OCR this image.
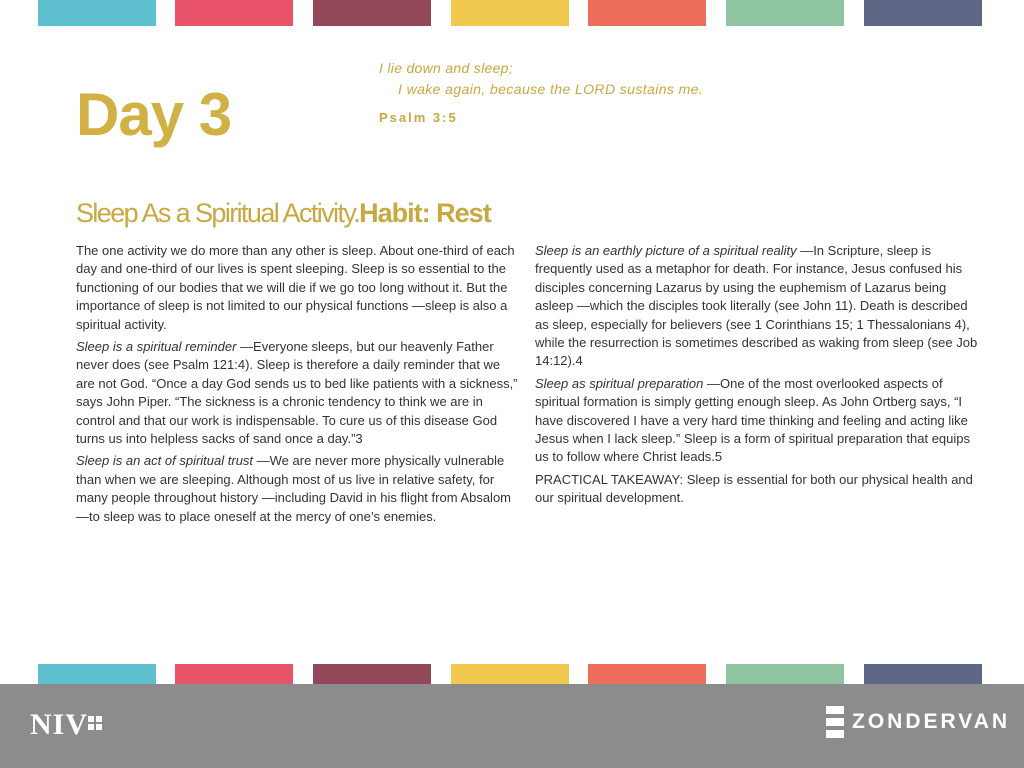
Day 3
I lie down and sleep;
I wake again, because the LORD sustains me.
Psalm 3:5
Sleep As a Spiritual Activity.Habit: Rest

The one activity we do more than any other is sleep. About one-third of each day and one-third of our lives is spent sleeping. Sleep is so essential to the functioning of our bodies that we will die if we go too long without it. But the importance of sleep is not limited to our physical functions —sleep is also a spiritual activity.

Sleep is a spiritual reminder —Everyone sleeps, but our heavenly Father never does (see Psalm 121:4). Sleep is therefore a daily reminder that we are not God. “Once a day God sends us to bed like patients with a sickness,” says John Piper. “The sickness is a chronic tendency to think we are in control and that our work is indispensable. To cure us of this disease God turns us into helpless sacks of sand once a day.”3

Sleep is an act of spiritual trust —We are never more physically vulnerable than when we are sleeping. Although most of us live in relative safety, for many people throughout history —including David in his flight from Absalom —to sleep was to place oneself at the mercy of one’s enemies.

Sleep is an earthly picture of a spiritual reality —In Scripture, sleep is frequently used as a metaphor for death. For instance, Jesus confused his disciples concerning Lazarus by using the euphemism of Lazarus being asleep —which the disciples took literally (see John 11). Death is described as sleep, especially for believers (see 1 Corinthians 15; 1 Thessalonians 4), while the resurrection is sometimes described as waking from sleep (see Job 14:12).4

Sleep as spiritual preparation —One of the most overlooked aspects of spiritual formation is simply getting enough sleep. As John Ortberg says, “I have discovered I have a very hard time thinking and feeling and acting like Jesus when I lack sleep.” Sleep is a form of spiritual preparation that equips us to follow where Christ leads.5

PRACTICAL TAKEAWAY: Sleep is essential for both our physical health and our spiritual development.

NIV	ZONDERVAN
